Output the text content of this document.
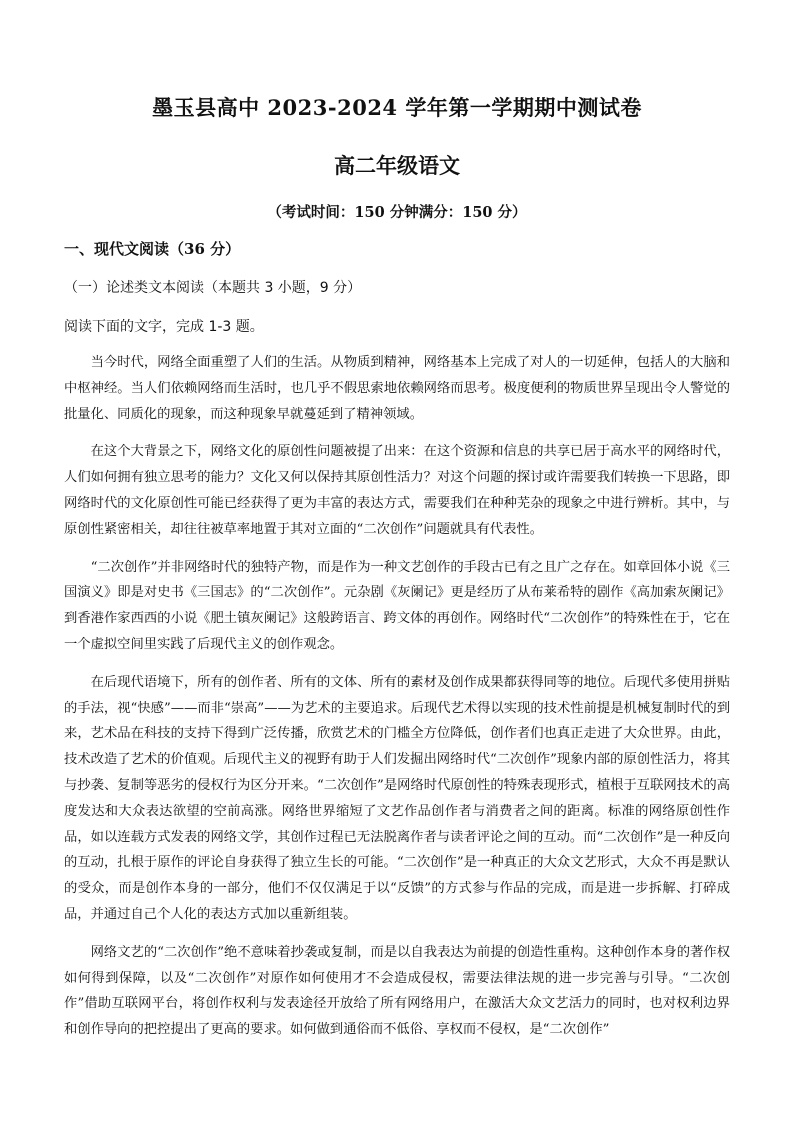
墨玉县高中 2023-2024 学年第一学期期中测试卷
高二年级语文
（考试时间：150 分钟满分：150 分）
一、现代文阅读（36 分）
（一）论述类文本阅读（本题共 3 小题，9 分）
阅读下面的文字，完成 1-3 题。

当今时代，网络全面重塑了人们的生活。从物质到精神，网络基本上完成了对人的一切延伸，包括人的大脑和中枢神经。当人们依赖网络而生活时，也几乎不假思索地依赖网络而思考。极度便利的物质世界呈现出令人警觉的批量化、同质化的现象，而这种现象早就蔓延到了精神领域。

在这个大背景之下，网络文化的原创性问题被提了出来：在这个资源和信息的共享已居于高水平的网络时代，人们如何拥有独立思考的能力？文化又何以保持其原创性活力？对这个问题的探讨或许需要我们转换一下思路，即网络时代的文化原创性可能已经获得了更为丰富的表达方式，需要我们在种种芜杂的现象之中进行辨析。其中，与原创性紧密相关，却往往被草率地置于其对立面的“二次创作”问题就具有代表性。

“二次创作”并非网络时代的独特产物，而是作为一种文艺创作的手段古已有之且广之存在。如章回体小说《三国演义》即是对史书《三国志》的“二次创作”。元杂剧《灰阑记》更是经历了从布莱希特的剧作《高加索灰阑记》到香港作家西西的小说《肥土镇灰阑记》这般跨语言、跨文体的再创作。网络时代“二次创作”的特殊性在于，它在一个虚拟空间里实践了后现代主义的创作观念。

在后现代语境下，所有的创作者、所有的文体、所有的素材及创作成果都获得同等的地位。后现代多使用拼贴的手法，视“快感”——而非“崇高”——为艺术的主要追求。后现代艺术得以实现的技术性前提是机械复制时代的到来，艺术品在科技的支持下得到广泛传播，欣赏艺术的门槛全方位降低，创作者们也真正走进了大众世界。由此，技术改造了艺术的价值观。后现代主义的视野有助于人们发掘出网络时代“二次创作”现象内部的原创性活力，将其与抄袭、复制等恶劣的侵权行为区分开来。“二次创作”是网络时代原创性的特殊表现形式，植根于互联网技术的高度发达和大众表达欲望的空前高涨。网络世界缩短了文艺作品创作者与消费者之间的距离。标准的网络原创性作品，如以连载方式发表的网络文学，其创作过程已无法脱离作者与读者评论之间的互动。而“二次创作”是一种反向的互动，扎根于原作的评论自身获得了独立生长的可能。“二次创作”是一种真正的大众文艺形式，大众不再是默认的受众，而是创作本身的一部分，他们不仅仅满足于以“反馈”的方式参与作品的完成，而是进一步拆解、打碎成品，并通过自己个人化的表达方式加以重新组装。

网络文艺的“二次创作”绝不意味着抄袭或复制，而是以自我表达为前提的创造性重构。这种创作本身的著作权如何得到保障，以及“二次创作”对原作如何使用才不会造成侵权，需要法律法规的进一步完善与引导。“二次创作”借助互联网平台，将创作权利与发表途径开放给了所有网络用户，在激活大众文艺活力的同时，也对权利边界和创作导向的把控提出了更高的要求。如何做到通俗而不低俗、享权而不侵权，是“二次创作”
